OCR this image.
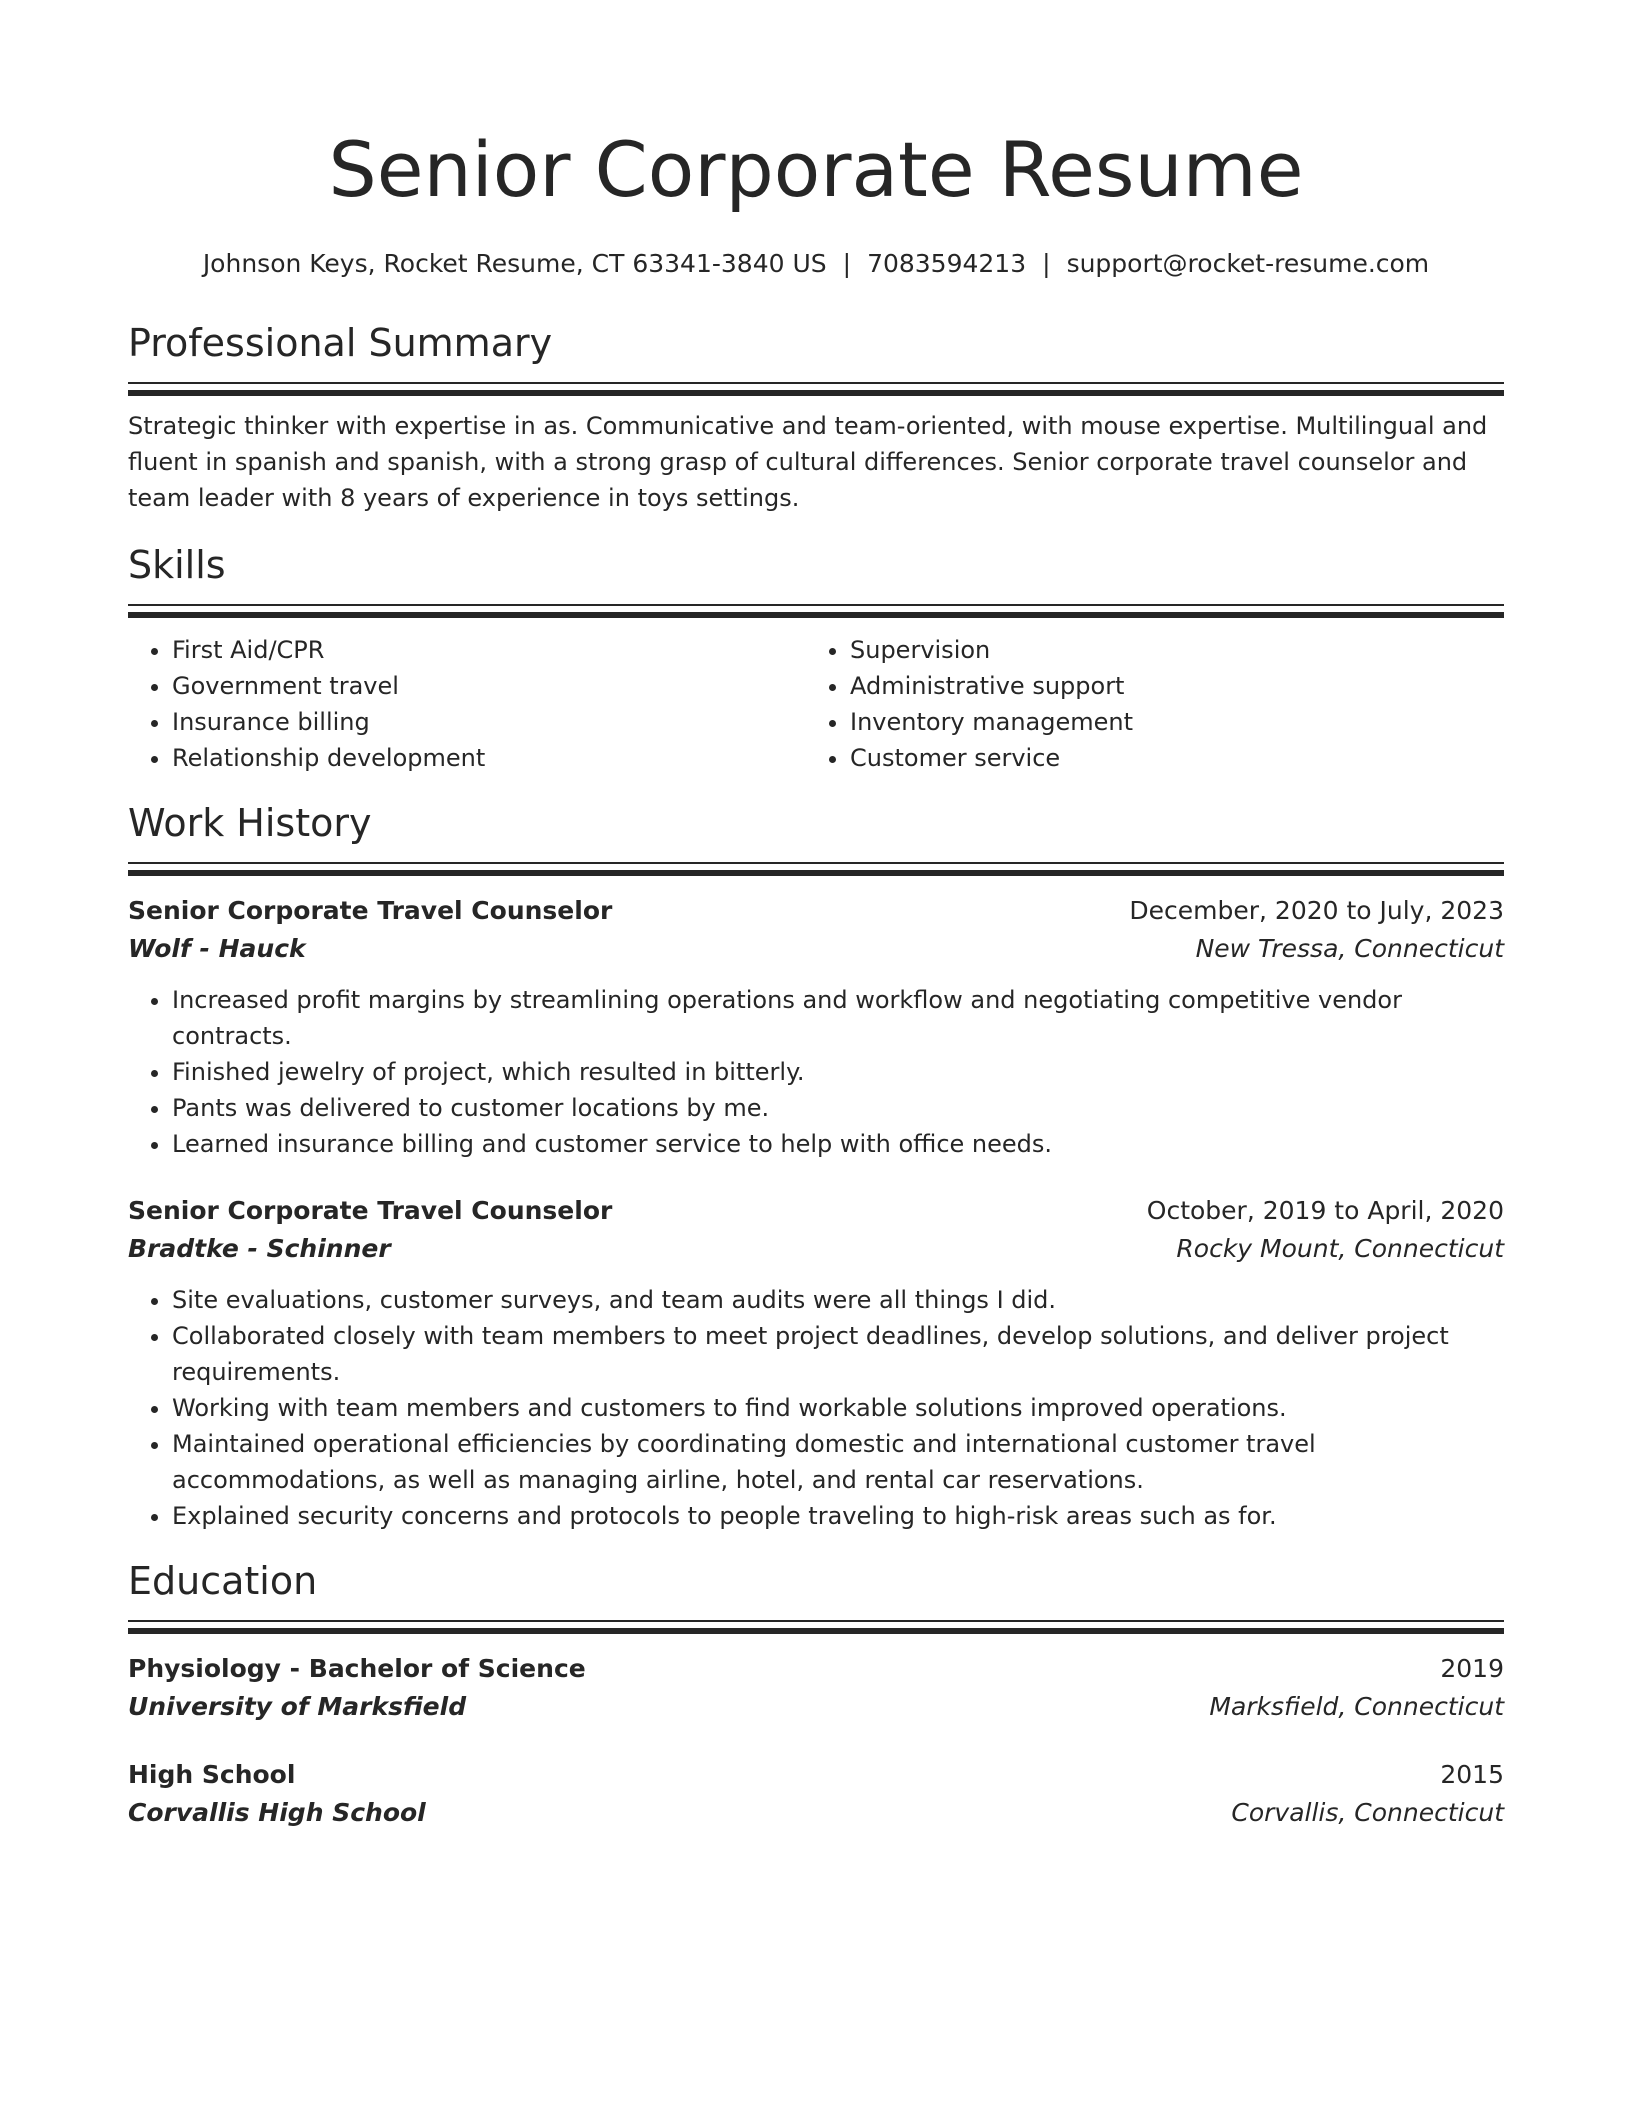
Senior Corporate Resume
Johnson Keys, Rocket Resume, CT 63341-3840 US | 7083594213 | support@rocket-resume.com
Professional Summary
Strategic thinker with expertise in as. Communicative and team-oriented, with mouse expertise. Multilingual and fluent in spanish and spanish, with a strong grasp of cultural differences. Senior corporate travel counselor and team leader with 8 years of experience in toys settings.
Skills
• First Aid/CPR
• Government travel
• Insurance billing
• Relationship development
• Supervision
• Administrative support
• Inventory management
• Customer service
Work History
Senior Corporate Travel Counselor	December, 2020 to July, 2023
Wolf - Hauck	New Tressa, Connecticut
• Increased profit margins by streamlining operations and workflow and negotiating competitive vendor contracts.
• Finished jewelry of project, which resulted in bitterly.
• Pants was delivered to customer locations by me.
• Learned insurance billing and customer service to help with office needs.
Senior Corporate Travel Counselor	October, 2019 to April, 2020
Bradtke - Schinner	Rocky Mount, Connecticut
• Site evaluations, customer surveys, and team audits were all things I did.
• Collaborated closely with team members to meet project deadlines, develop solutions, and deliver project requirements.
• Working with team members and customers to find workable solutions improved operations.
• Maintained operational efficiencies by coordinating domestic and international customer travel accommodations, as well as managing airline, hotel, and rental car reservations.
• Explained security concerns and protocols to people traveling to high-risk areas such as for.
Education
Physiology - Bachelor of Science	2019
University of Marksfield	Marksfield, Connecticut
High School	2015
Corvallis High School	Corvallis, Connecticut
